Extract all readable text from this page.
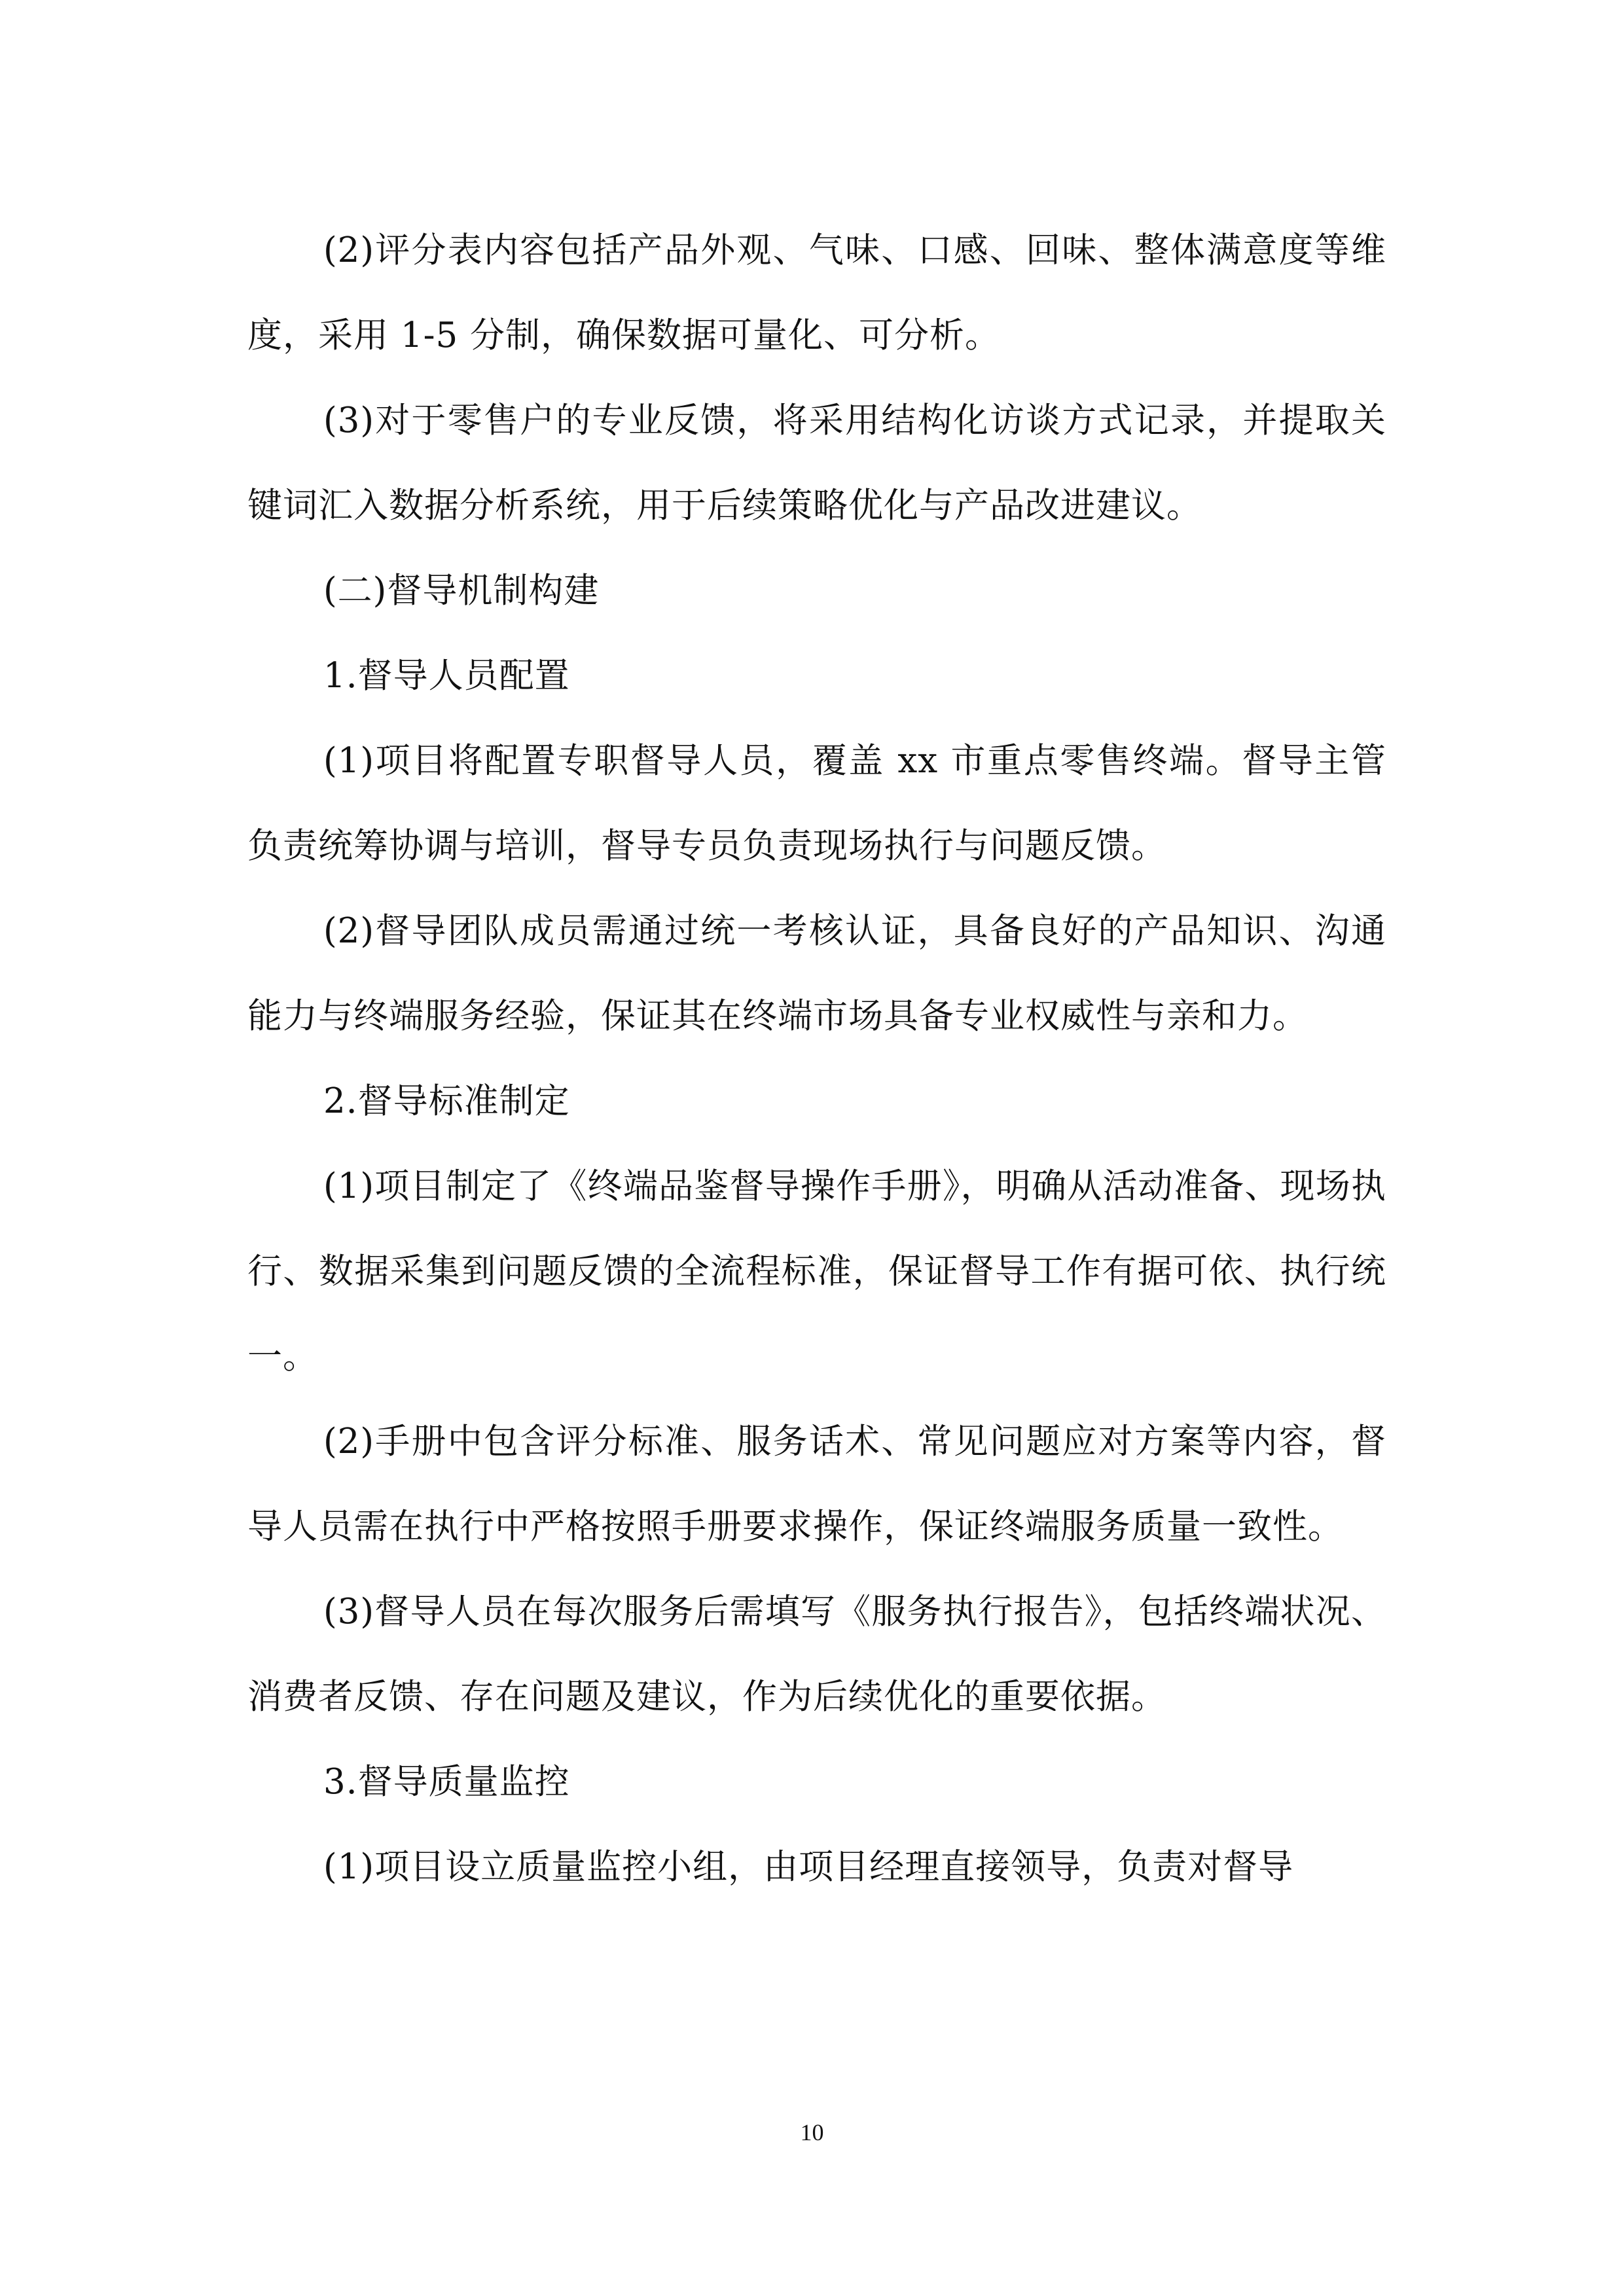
(2)评分表内容包括产品外观、气味、口感、回味、整体满意度等维度，采用 1-5 分制，确保数据可量化、可分析。

(3)对于零售户的专业反馈，将采用结构化访谈方式记录，并提取关键词汇入数据分析系统，用于后续策略优化与产品改进建议。

(二)督导机制构建

1.督导人员配置

(1)项目将配置专职督导人员，覆盖 xx 市重点零售终端。督导主管负责统筹协调与培训，督导专员负责现场执行与问题反馈。

(2)督导团队成员需通过统一考核认证，具备良好的产品知识、沟通能力与终端服务经验，保证其在终端市场具备专业权威性与亲和力。

2.督导标准制定

(1)项目制定了《终端品鉴督导操作手册》，明确从活动准备、现场执行、数据采集到问题反馈的全流程标准，保证督导工作有据可依、执行统一。

(2)手册中包含评分标准、服务话术、常见问题应对方案等内容，督导人员需在执行中严格按照手册要求操作，保证终端服务质量一致性。

(3)督导人员在每次服务后需填写《服务执行报告》，包括终端状况、消费者反馈、存在问题及建议，作为后续优化的重要依据。

3.督导质量监控

(1)项目设立质量监控小组，由项目经理直接领导，负责对督导

10
